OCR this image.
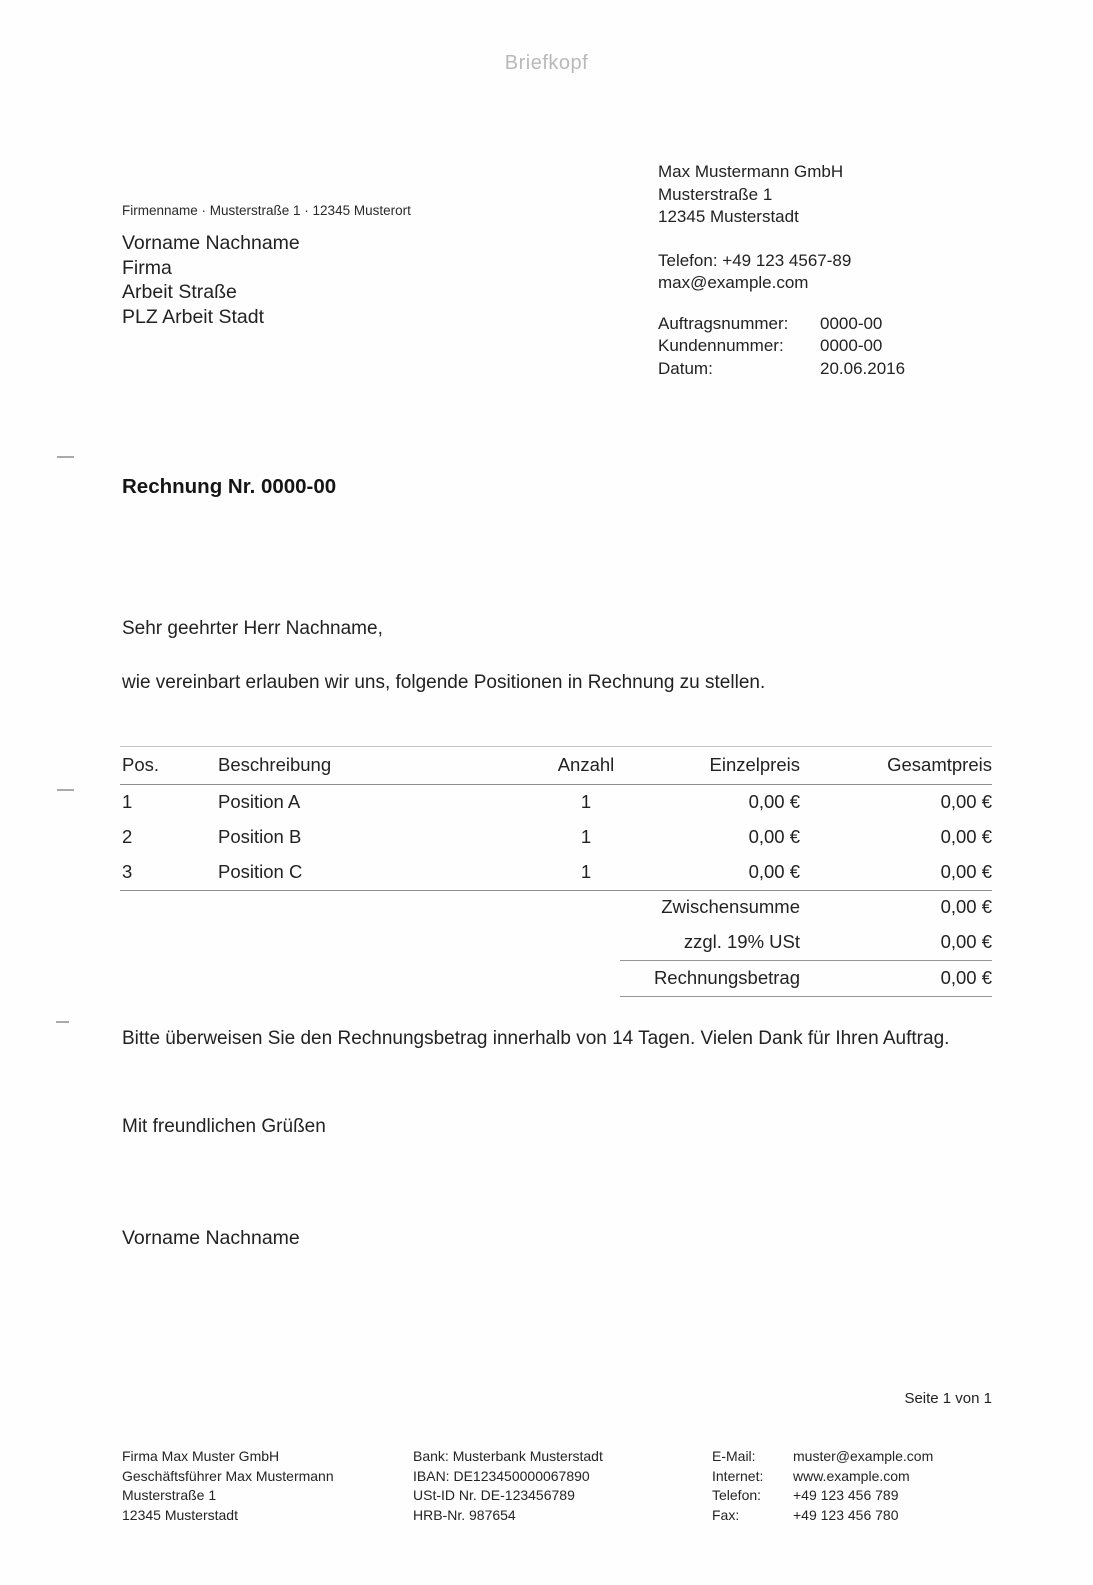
Briefkopf
Firmenname · Musterstraße 1 · 12345 Musterort
Vorname Nachname
Firma
Arbeit Straße
PLZ Arbeit Stadt
Max Mustermann GmbH
Musterstraße 1
12345 Musterstadt
Telefon: +49 123 4567-89
max@example.com
Auftragsnummer:	0000-00
Kundennummer:	0000-00
Datum:	20.06.2016
Rechnung Nr. 0000-00
Sehr geehrter Herr Nachname,
wie vereinbart erlauben wir uns, folgende Positionen in Rechnung zu stellen.
Pos.	Beschreibung	Anzahl	Einzelpreis	Gesamtpreis
1	Position A	1	0,00 €	0,00 €
2	Position B	1	0,00 €	0,00 €
3	Position C	1	0,00 €	0,00 €
Zwischensumme	0,00 €
zzgl. 19% USt	0,00 €
Rechnungsbetrag	0,00 €
Bitte überweisen Sie den Rechnungsbetrag innerhalb von 14 Tagen. Vielen Dank für Ihren Auftrag.
Mit freundlichen Grüßen
Vorname Nachname
Seite 1 von 1
Firma Max Muster GmbH
Geschäftsführer Max Mustermann
Musterstraße 1
12345 Musterstadt
Bank: Musterbank Musterstadt
IBAN: DE123450000067890
USt-ID Nr. DE-123456789
HRB-Nr. 987654
E-Mail:	muster@example.com
Internet:	www.example.com
Telefon:	+49 123 456 789
Fax:	+49 123 456 780
